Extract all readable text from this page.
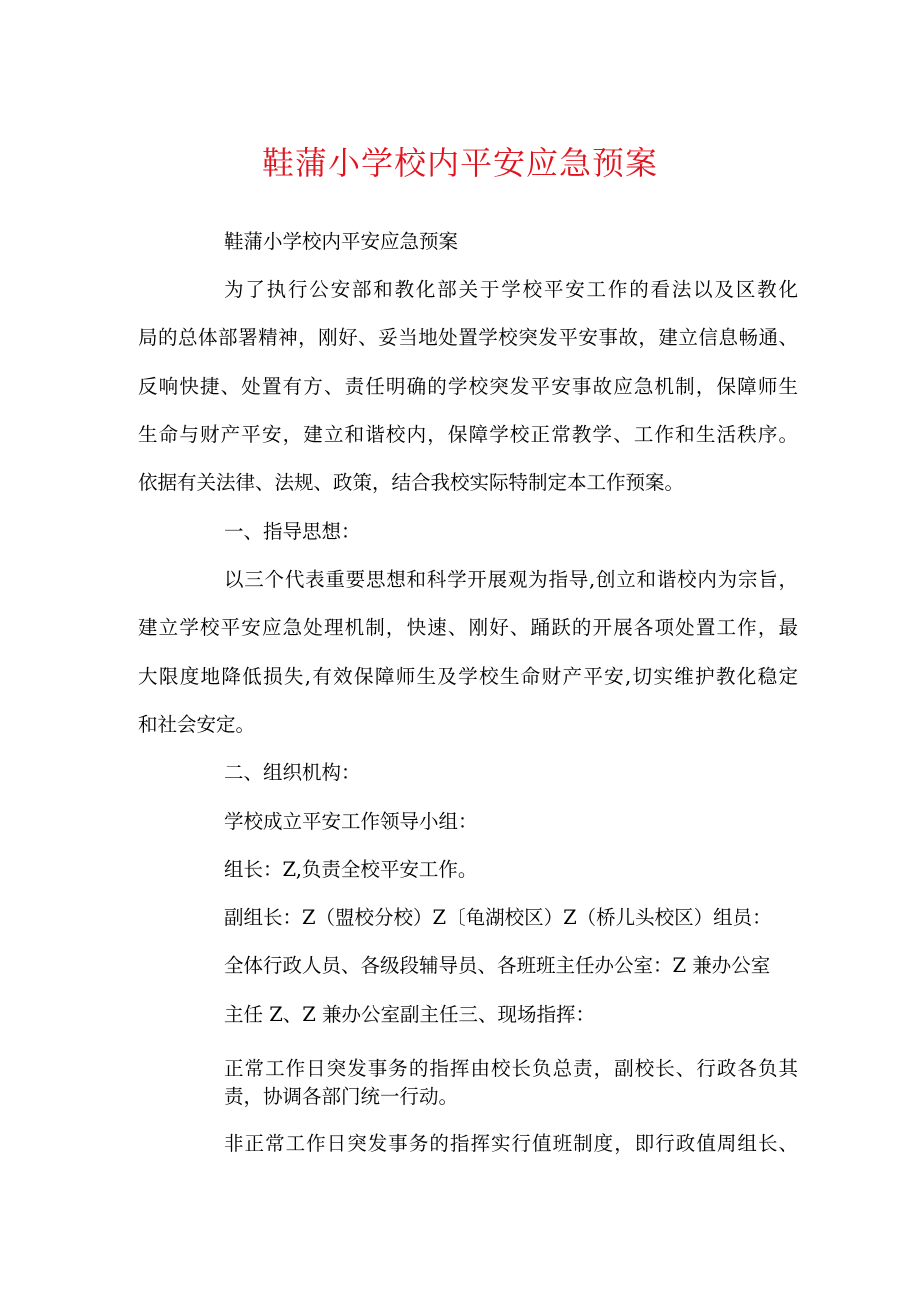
鞋蒲小学校内平安应急预案

鞋蒲小学校内平安应急预案

为了执行公安部和教化部关于学校平安工作的看法以及区教化

局的总体部署精神，刚好、妥当地处置学校突发平安事故，建立信息畅通、

反响快捷、处置有方、责任明确的学校突发平安事故应急机制，保障师生

生命与财产平安，建立和谐校内，保障学校正常教学、工作和生活秩序。

依据有关法律、法规、政策，结合我校实际特制定本工作预案。

一、指导思想：

以三个代表重要思想和科学开展观为指导,创立和谐校内为宗旨，

建立学校平安应急处理机制，快速、刚好、踊跃的开展各项处置工作，最

大限度地降低损失,有效保障师生及学校生命财产平安,切实维护教化稳定

和社会安定。

二、组织机构：

学校成立平安工作领导小组：

组长：Z,负责全校平安工作。

副组长：Z（盟校分校）Z〔龟湖校区）Z（桥儿头校区）组员：

全体行政人员、各级段辅导员、各班班主任办公室：Z 兼办公室

主任 Z、Z 兼办公室副主任三、现场指挥：

正常工作日突发事务的指挥由校长负总责，副校长、行政各负其

责，协调各部门统一行动。

非正常工作日突发事务的指挥实行值班制度，即行政值周组长、
